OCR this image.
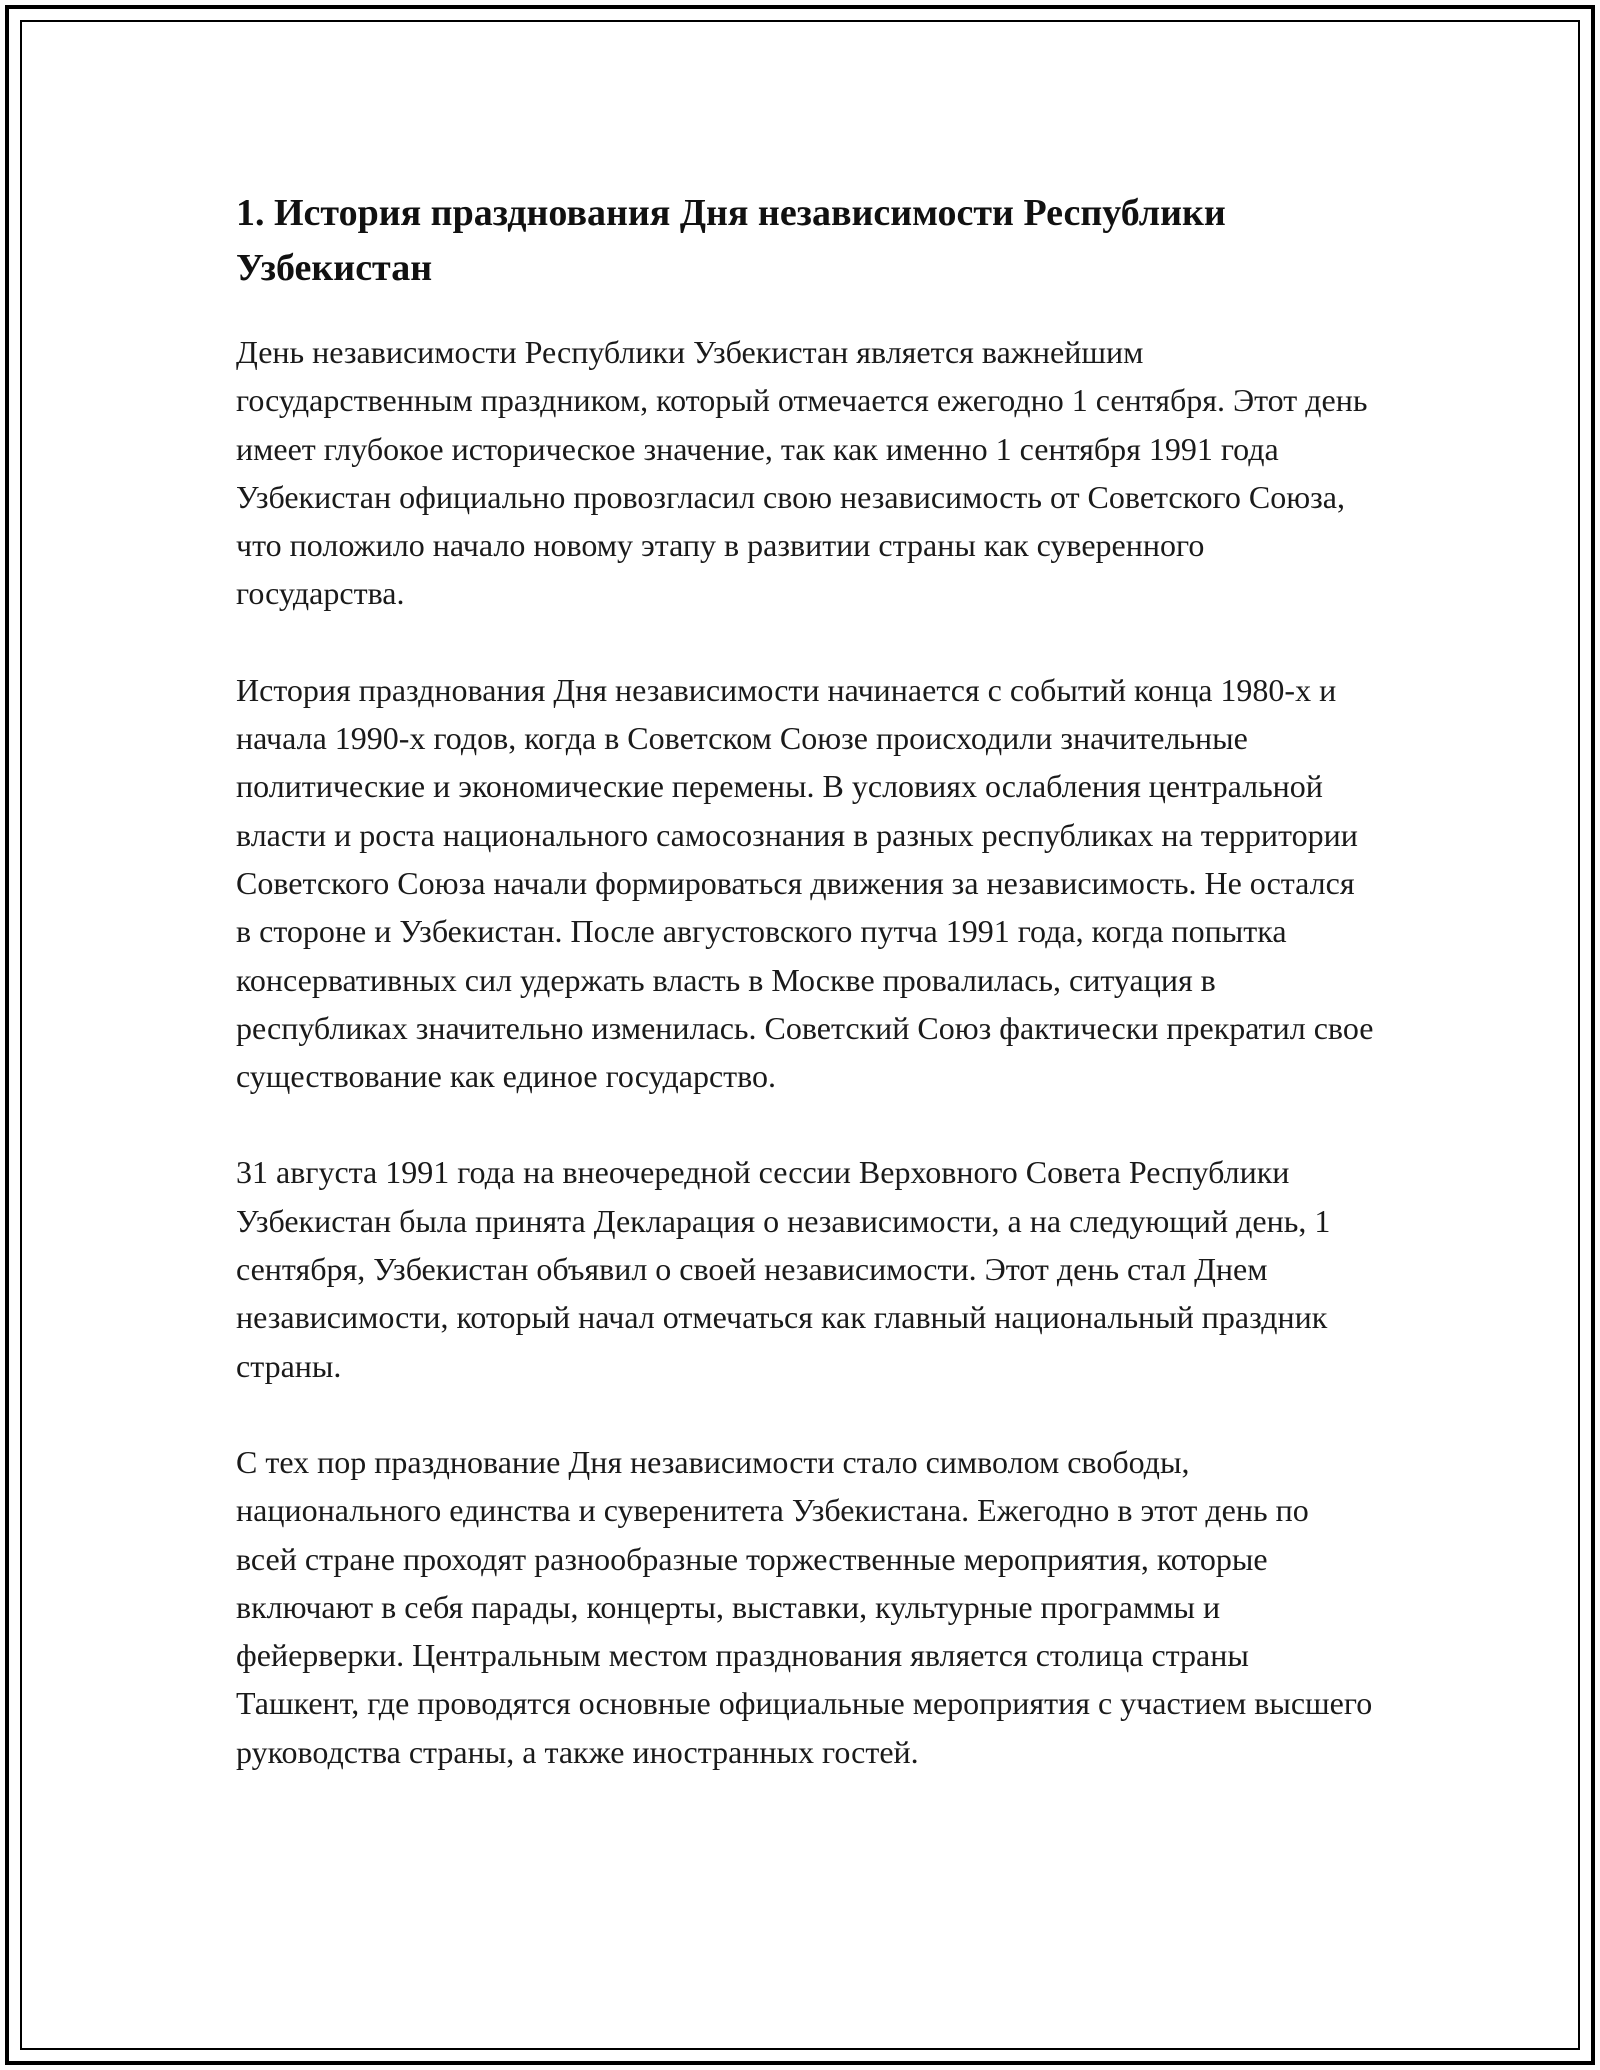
1. История празднования Дня независимости Республики Узбекистан

День независимости Республики Узбекистан является важнейшим государственным праздником, который отмечается ежегодно 1 сентября. Этот день имеет глубокое историческое значение, так как именно 1 сентября 1991 года Узбекистан официально провозгласил свою независимость от Советского Союза, что положило начало новому этапу в развитии страны как суверенного государства.

История празднования Дня независимости начинается с событий конца 1980-х и начала 1990-х годов, когда в Советском Союзе происходили значительные политические и экономические перемены. В условиях ослабления центральной власти и роста национального самосознания в разных республиках на территории Советского Союза начали формироваться движения за независимость. Не остался в стороне и Узбекистан. После августовского путча 1991 года, когда попытка консервативных сил удержать власть в Москве провалилась, ситуация в республиках значительно изменилась. Советский Союз фактически прекратил свое существование как единое государство.

31 августа 1991 года на внеочередной сессии Верховного Совета Республики Узбекистан была принята Декларация о независимости, а на следующий день, 1 сентября, Узбекистан объявил о своей независимости. Этот день стал Днем независимости, который начал отмечаться как главный национальный праздник страны.

С тех пор празднование Дня независимости стало символом свободы, национального единства и суверенитета Узбекистана. Ежегодно в этот день по всей стране проходят разнообразные торжественные мероприятия, которые включают в себя парады, концерты, выставки, культурные программы и фейерверки. Центральным местом празднования является столица страны Ташкент, где проводятся основные официальные мероприятия с участием высшего руководства страны, а также иностранных гостей.
